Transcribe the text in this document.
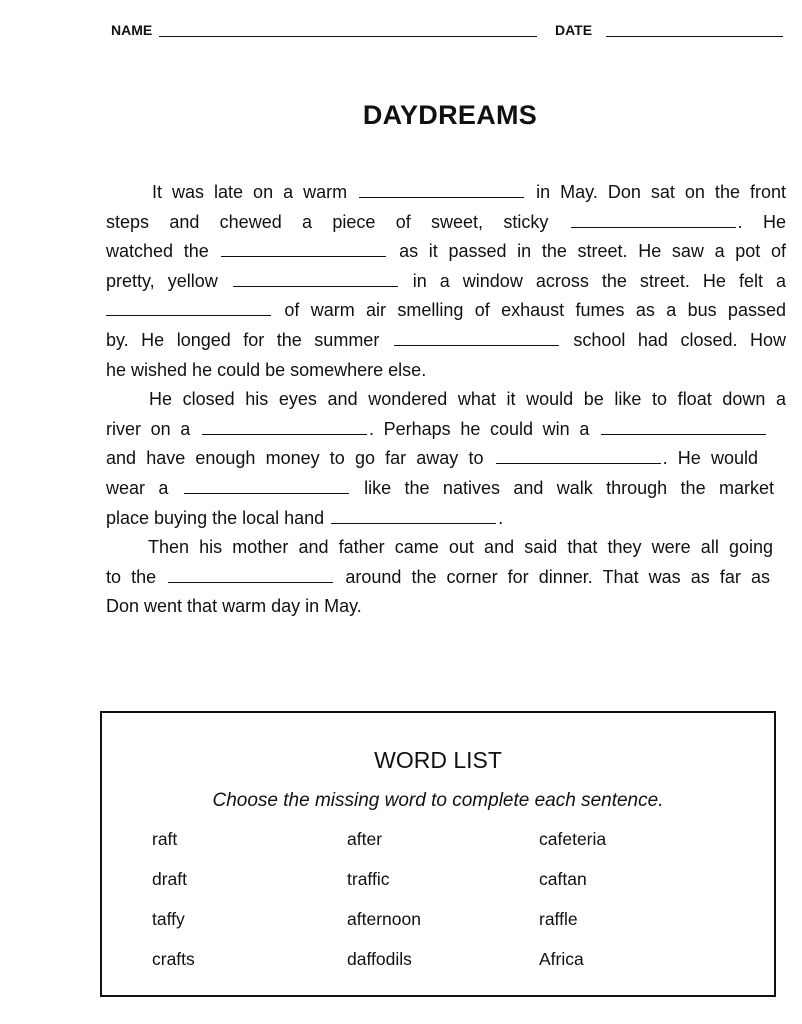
NAME	DATE
DAYDREAMS
It was late on a warm	in May. Don sat on the front
steps and chewed a piece of sweet, sticky	. He
watched the	as it passed in the street. He saw a pot of
pretty, yellow	in a window across the street. He felt a
of warm air smelling of exhaust fumes as a bus passed
by. He longed for the summer	school had closed. How
he wished he could be somewhere else.
He closed his eyes and wondered what it would be like to float down a
river on a	. Perhaps he could win a
and have enough money to go far away to	. He would
wear a	like the natives and walk through the market
place buying the local hand	.
Then his mother and father came out and said that they were all going
to the	around the corner for dinner. That was as far as
Don went that warm day in May.
WORD LIST
Choose the missing word to complete each sentence.
raft	after	cafeteria
draft	traffic	caftan
taffy	afternoon	raffle
crafts	daffodils	Africa
